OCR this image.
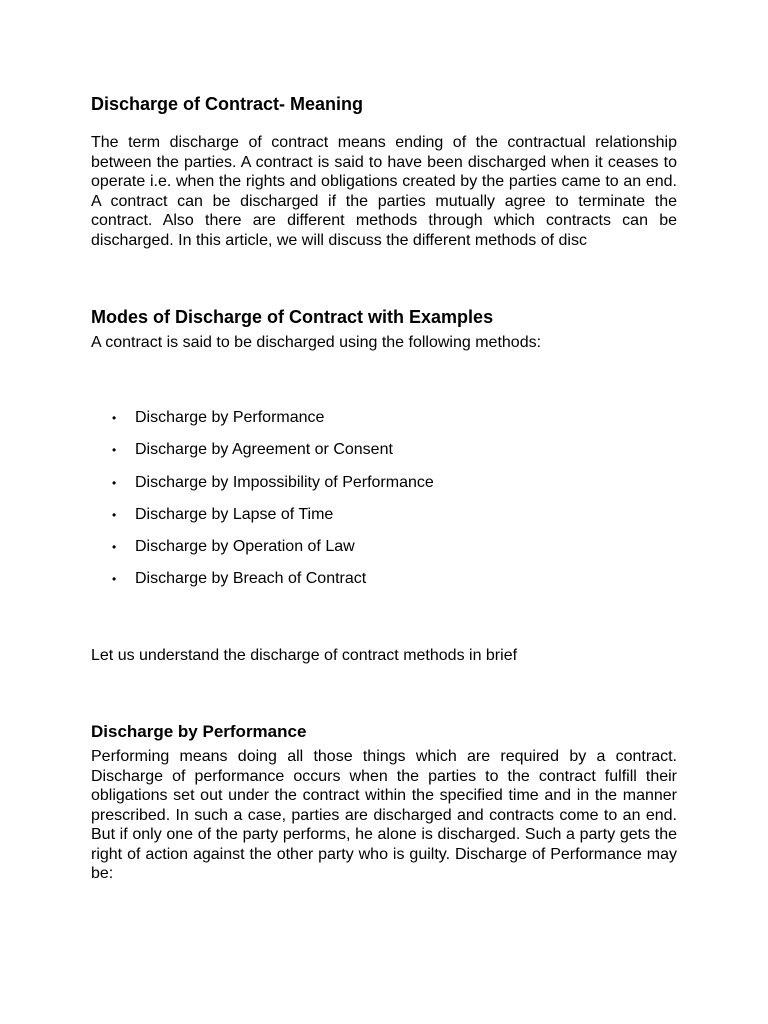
Discharge of Contract- Meaning

The term discharge of contract means ending of the contractual relationship between the parties. A contract is said to have been discharged when it ceases to operate i.e. when the rights and obligations created by the parties came to an end. A contract can be discharged if the parties mutually agree to terminate the contract. Also there are different methods through which contracts can be discharged. In this article, we will discuss the different methods of disc

Modes of Discharge of Contract with Examples

A contract is said to be discharged using the following methods:

• Discharge by Performance
• Discharge by Agreement or Consent
• Discharge by Impossibility of Performance
• Discharge by Lapse of Time
• Discharge by Operation of Law
• Discharge by Breach of Contract

Let us understand the discharge of contract methods in brief

Discharge by Performance

Performing means doing all those things which are required by a contract. Discharge of performance occurs when the parties to the contract fulfill their obligations set out under the contract within the specified time and in the manner prescribed. In such a case, parties are discharged and contracts come to an end. But if only one of the party performs, he alone is discharged. Such a party gets the right of action against the other party who is guilty. Discharge of Performance may be:
